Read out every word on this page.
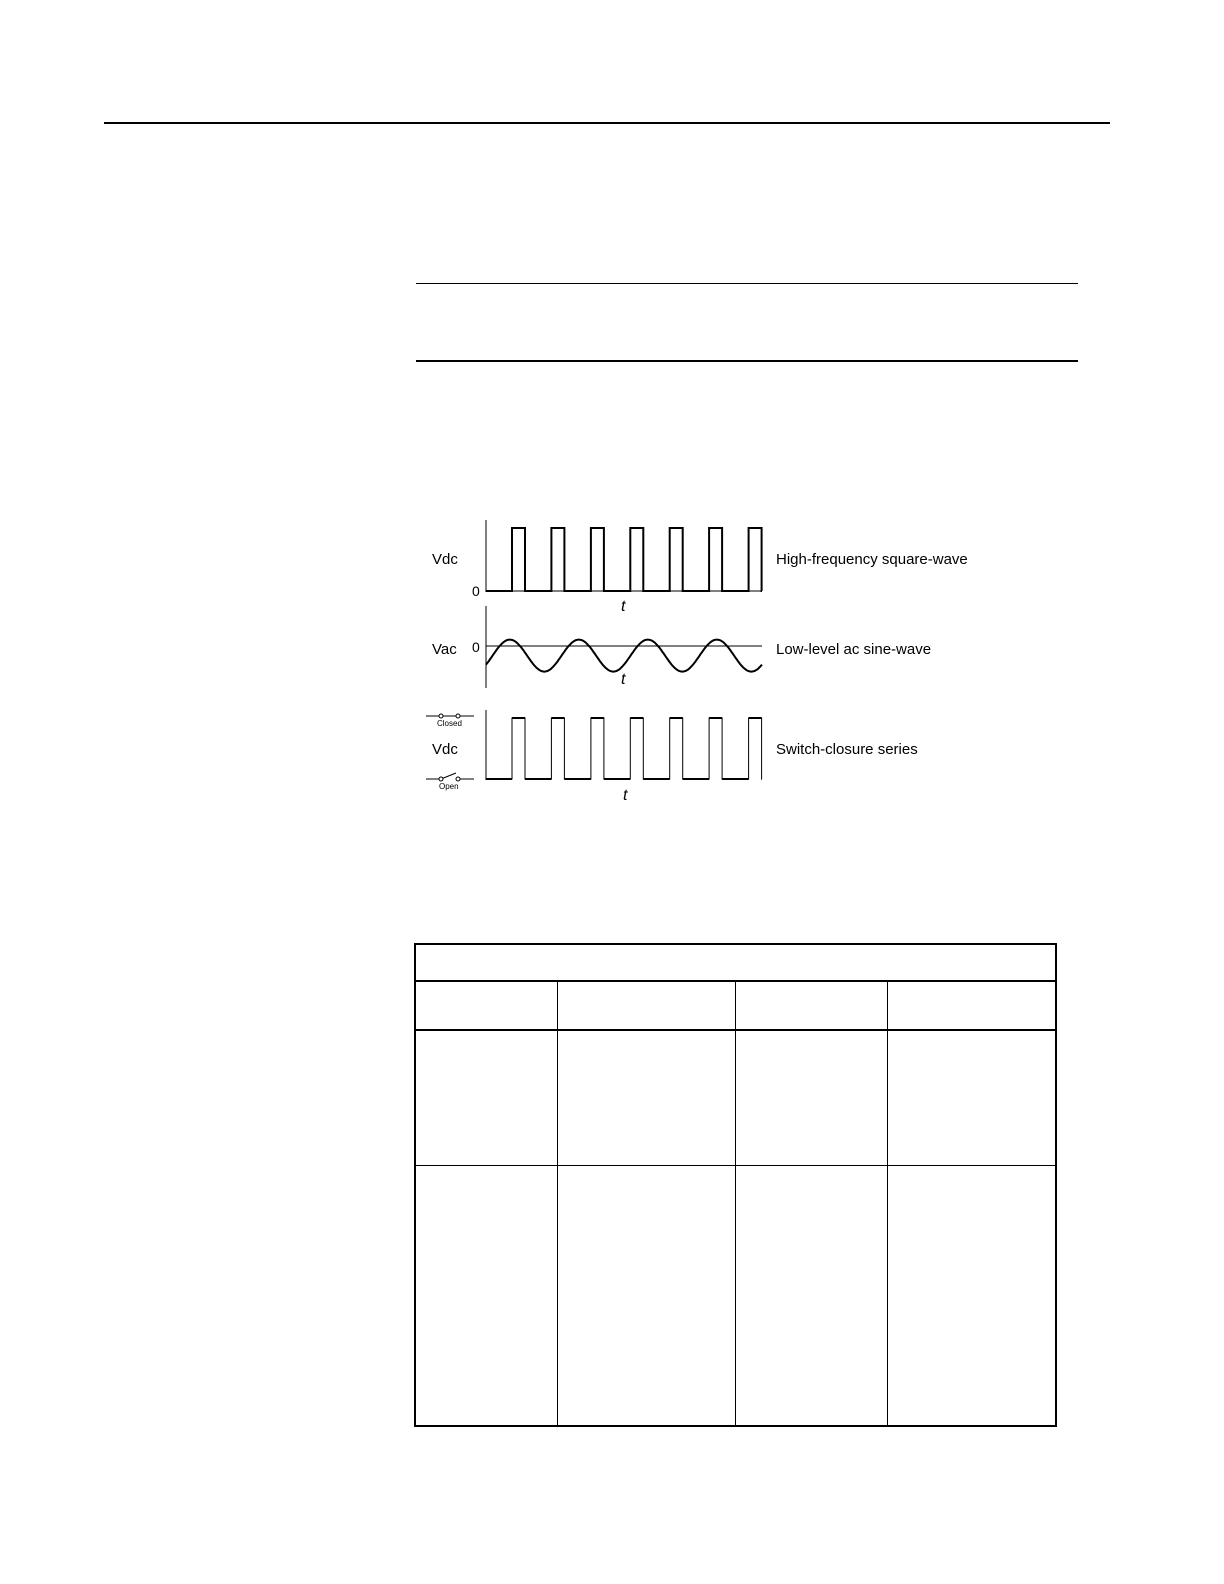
Vdc
0
t
High-frequency square-wave
Vac 0
t
Low-level ac sine-wave
Closed
Vdc
Open
t
Switch-closure series
